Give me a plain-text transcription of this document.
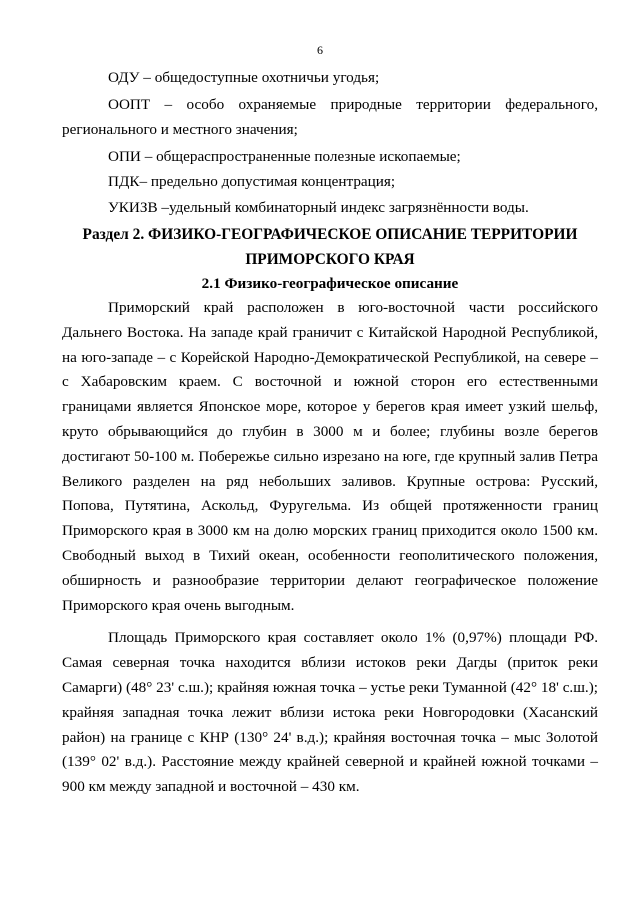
6

ОДУ – общедоступные охотничьи угодья;

ООПТ – особо охраняемые природные территории федерального, регионального и местного значения;

ОПИ – общераспространенные полезные ископаемые;

ПДК– предельно допустимая концентрация;

УКИЗВ –удельный комбинаторный индекс загрязнённости воды.

Раздел 2. ФИЗИКО-ГЕОГРАФИЧЕСКОЕ ОПИСАНИЕ ТЕРРИТОРИИ ПРИМОРСКОГО КРАЯ
2.1 Физико-географическое описание

Приморский край расположен в юго-восточной части российского Дальнего Востока. На западе край граничит с Китайской Народной Республикой, на юго-западе – с Корейской Народно-Демократической Республикой, на севере – с Хабаровским краем. С восточной и южной сторон его естественными границами является Японское море, которое у берегов края имеет узкий шельф, круто обрывающийся до глубин в 3000 м и более; глубины возле берегов достигают 50-100 м. Побережье сильно изрезано на юге, где крупный залив Петра Великого разделен на ряд небольших заливов. Крупные острова: Русский, Попова, Путятина, Аскольд, Фуругельма. Из общей протяженности границ Приморского края в 3000 км на долю морских границ приходится около 1500 км. Свободный выход в Тихий океан, особенности геополитического положения, обширность и разнообразие территории делают географическое положение Приморского края очень выгодным.

Площадь Приморского края составляет около 1% (0,97%) площади РФ. Самая северная точка находится вблизи истоков реки Дагды (приток реки Самарги) (48° 23' с.ш.); крайняя южная точка – устье реки Туманной (42° 18' с.ш.); крайняя западная точка лежит вблизи истока реки Новгородовки (Хасанский район) на границе с КНР (130° 24' в.д.); крайняя восточная точка – мыс Золотой (139° 02' в.д.). Расстояние между крайней северной и крайней южной точками – 900 км между западной и восточной – 430 км.
